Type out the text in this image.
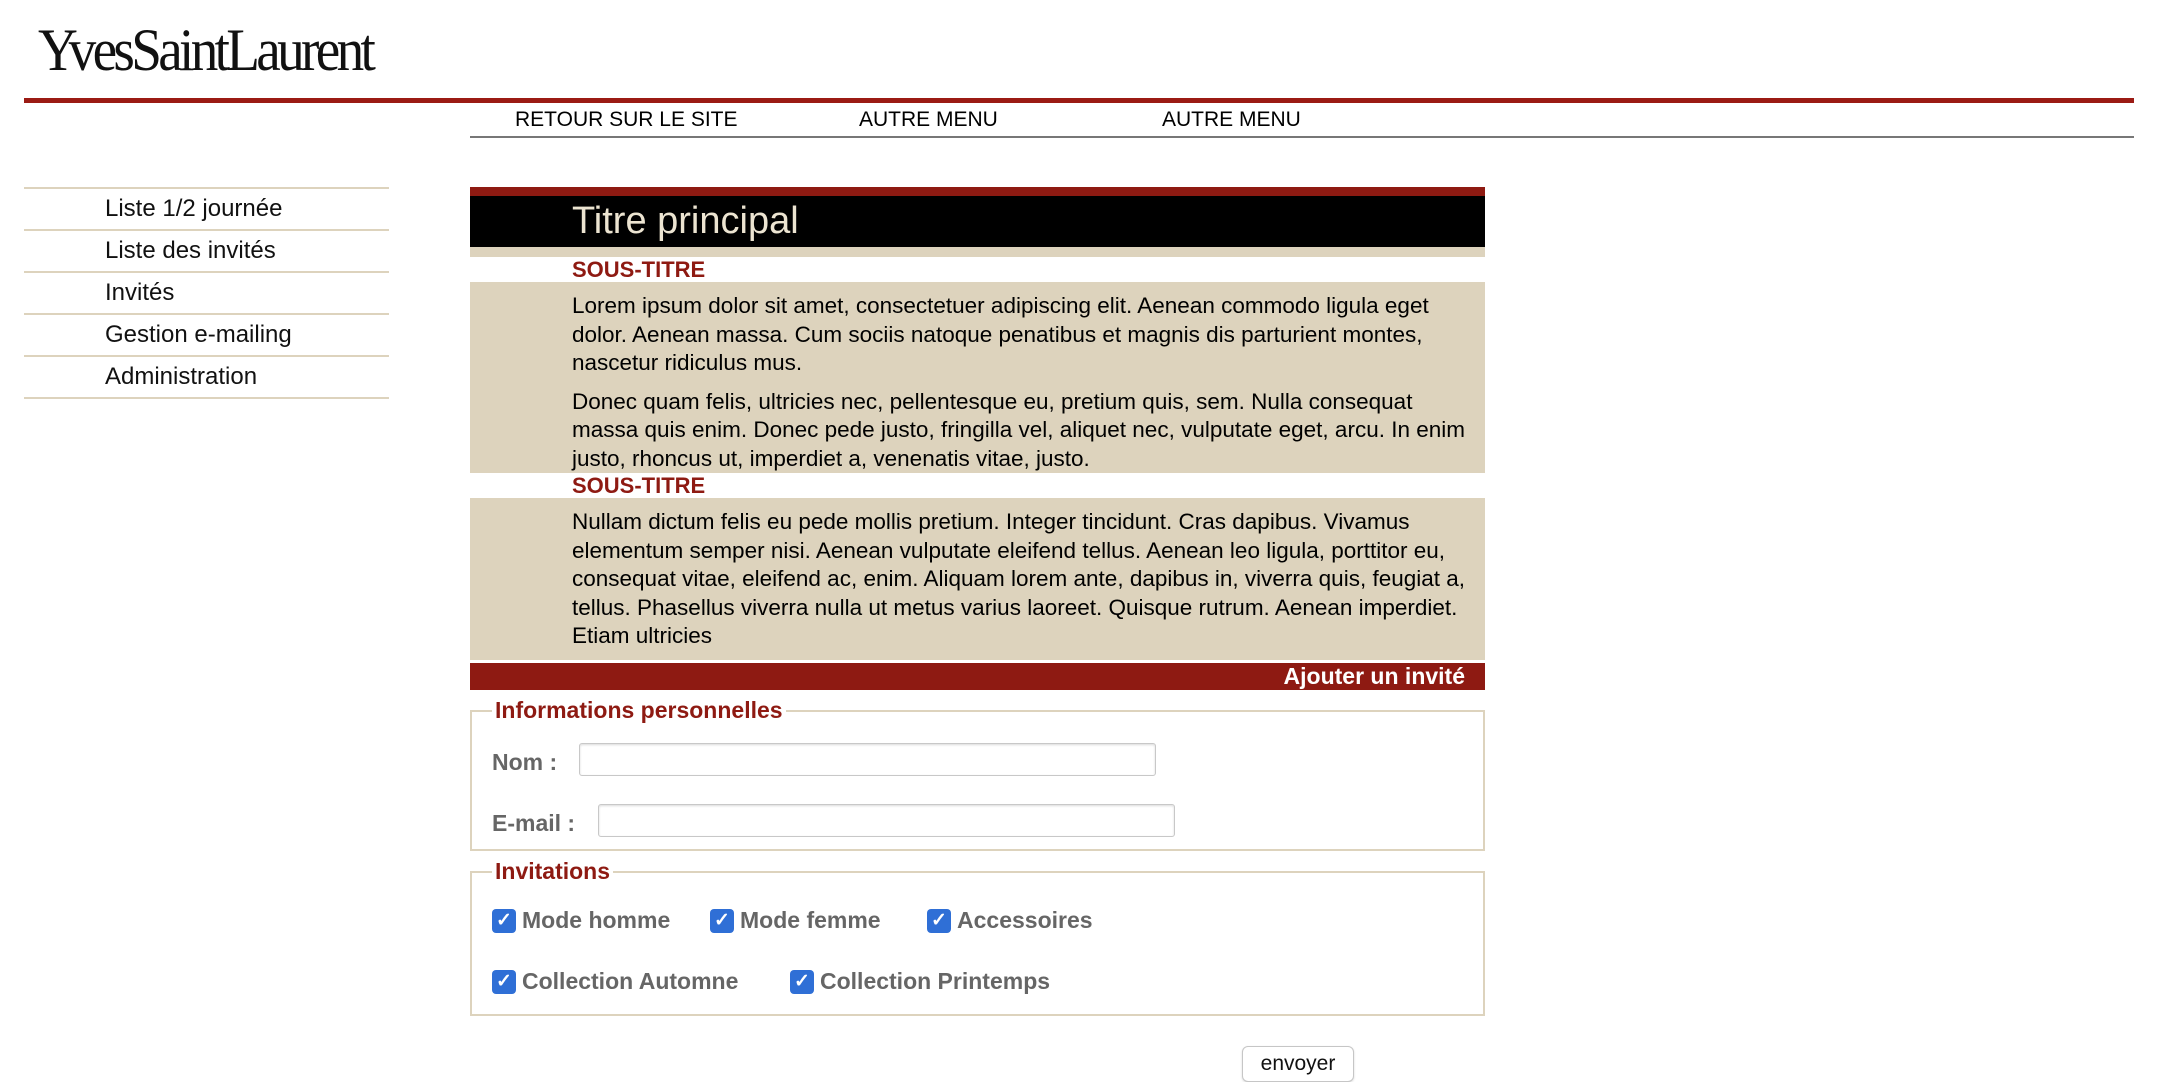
YvesSaintLaurent
RETOUR SUR LE SITE	AUTRE MENU	AUTRE MENU
Liste 1/2 journée
Liste des invités
Invités
Gestion e-mailing
Administration
Titre principal
SOUS-TITRE

Lorem ipsum dolor sit amet, consectetuer adipiscing elit. Aenean commodo ligula eget dolor. Aenean massa. Cum sociis natoque penatibus et magnis dis parturient montes, nascetur ridiculus mus.

Donec quam felis, ultricies nec, pellentesque eu, pretium quis, sem. Nulla consequat massa quis enim. Donec pede justo, fringilla vel, aliquet nec, vulputate eget, arcu. In enim justo, rhoncus ut, imperdiet a, venenatis vitae, justo.

SOUS-TITRE

Nullam dictum felis eu pede mollis pretium. Integer tincidunt. Cras dapibus. Vivamus elementum semper nisi. Aenean vulputate eleifend tellus. Aenean leo ligula, porttitor eu, consequat vitae, eleifend ac, enim. Aliquam lorem ante, dapibus in, viverra quis, feugiat a, tellus. Phasellus viverra nulla ut metus varius laoreet. Quisque rutrum. Aenean imperdiet. Etiam ultricies

Ajouter un invité
Informations personnelles
Nom :
E-mail :
Invitations
✓ Mode homme ✓ Mode femme	✓ Accessoires
✓ Collection Automne	✓ Collection Printemps
envoyer
